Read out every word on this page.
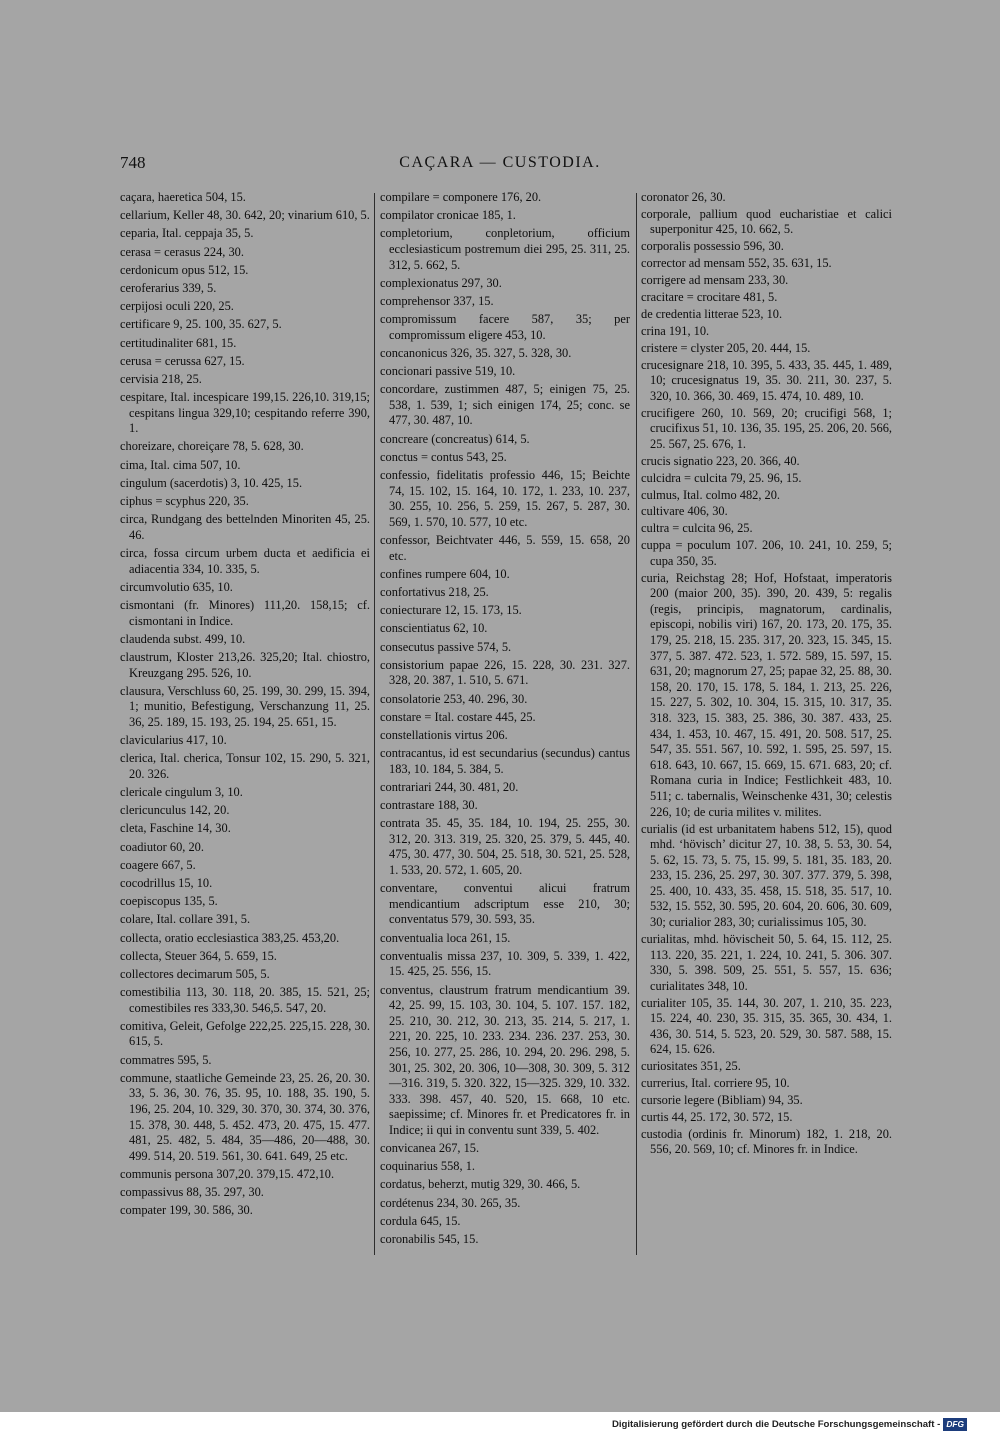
748	CAÇARA — CUSTODIA.
caçara, haeretica 504, 15.
cellarium, Keller 48, 30. 642, 20; vinarium 610, 5.
ceparia, Ital. ceppaja 35, 5.
cerasa = cerasus 224, 30.
cerdonicum opus 512, 15.
ceroferarius 339, 5.
cerpijosi oculi 220, 25.
certificare 9, 25. 100, 35. 627, 5.
certitudinaliter 681, 15.
cerusa = cerussa 627, 15.
cervisia 218, 25.
cespitare, Ital. incespicare 199,15. 226,10. 319,15; cespitans lingua 329,10; cespitando referre 390, 1.
choreizare, choreiçare 78, 5. 628, 30.
cima, Ital. cima 507, 10.
cingulum (sacerdotis) 3, 10. 425, 15.
ciphus = scyphus 220, 35.
circa, Rundgang des bettelnden Minoriten 45, 25. 46.
circa, fossa circum urbem ducta et aedificia ei adiacentia 334, 10. 335, 5.
circumvolutio 635, 10.
cismontani (fr. Minores) 111,20. 158,15; cf. cismontani in Indice.
claudenda subst. 499, 10.
claustrum, Kloster 213,26. 325,20; Ital. chiostro, Kreuzgang 295. 526, 10.
clausura, Verschluss 60, 25. 199, 30. 299, 15. 394, 1; munitio, Befestigung, Verschanzung 11, 25. 36, 25. 189, 15. 193, 25. 194, 25. 651, 15.
clavicularius 417, 10.
clerica, Ital. cherica, Tonsur 102, 15. 290, 5. 321, 20. 326.
clericale cingulum 3, 10.
clericunculus 142, 20.
cleta, Faschine 14, 30.
coadiutor 60, 20.
coagere 667, 5.
cocodrillus 15, 10.
coepiscopus 135, 5.
colare, Ital. collare 391, 5.
collecta, oratio ecclesiastica 383,25. 453,20.
collecta, Steuer 364, 5. 659, 15.
collectores decimarum 505, 5.
comestibilia 113, 30. 118, 20. 385, 15. 521, 25; comestibiles res 333,30. 546,5. 547, 20.
comitiva, Geleit, Gefolge 222,25. 225,15. 228, 30. 615, 5.
commatres 595, 5.
commune, staatliche Gemeinde 23, 25. 26, 20. 30. 33, 5. 36, 30. 76, 35. 95, 10. 188, 35. 190, 5. 196, 25. 204, 10. 329, 30. 370, 30. 374, 30. 376, 15. 378, 30. 448, 5. 452. 473, 20. 475, 15. 477. 481, 25. 482, 5. 484, 35—486, 20—488, 30. 499. 514, 20. 519. 561, 30. 641. 649, 25 etc.
communis persona 307,20. 379,15. 472,10.
compassivus 88, 35. 297, 30.
compater 199, 30. 586, 30.
compilare = componere 176, 20.
compilator cronicae 185, 1.
completorium, conpletorium, officium ecclesiasticum postremum diei 295, 25. 311, 25. 312, 5. 662, 5.
complexionatus 297, 30.
comprehensor 337, 15.
compromissum facere 587, 35; per compromissum eligere 453, 10.
concanonicus 326, 35. 327, 5. 328, 30.
concionari passive 519, 10.
concordare, zustimmen 487, 5; einigen 75, 25. 538, 1. 539, 1; sich einigen 174, 25; conc. se 477, 30. 487, 10.
concreare (concreatus) 614, 5.
conctus = contus 543, 25.
confessio, fidelitatis professio 446, 15; Beichte 74, 15. 102, 15. 164, 10. 172, 1. 233, 10. 237, 30. 255, 10. 256, 5. 259, 15. 267, 5. 287, 30. 569, 1. 570, 10. 577, 10 etc.
confessor, Beichtvater 446, 5. 559, 15. 658, 20 etc.
confines rumpere 604, 10.
confortativus 218, 25.
coniecturare 12, 15. 173, 15.
conscientiatus 62, 10.
consecutus passive 574, 5.
consistorium papae 226, 15. 228, 30. 231. 327. 328, 20. 387, 1. 510, 5. 671.
consolatorie 253, 40. 296, 30.
constare = Ital. costare 445, 25.
constellationis virtus 206.
contracantus, id est secundarius (secundus) cantus 183, 10. 184, 5. 384, 5.
contrariari 244, 30. 481, 20.
contrastare 188, 30.
contrata 35. 45, 35. 184, 10. 194, 25. 255, 30. 312, 20. 313. 319, 25. 320, 25. 379, 5. 445, 40. 475, 30. 477, 30. 504, 25. 518, 30. 521, 25. 528, 1. 533, 20. 572, 1. 605, 20.
conventare, conventui alicui fratrum mendicantium adscriptum esse 210, 30; conventatus 579, 30. 593, 35.
conventualia loca 261, 15.
conventualis missa 237, 10. 309, 5. 339, 1. 422, 15. 425, 25. 556, 15.
conventus, claustrum fratrum mendicantium 39. 42, 25. 99, 15. 103, 30. 104, 5. 107. 157. 182, 25. 210, 30. 212, 30. 213, 35. 214, 5. 217, 1. 221, 20. 225, 10. 233. 234. 236. 237. 253, 30. 256, 10. 277, 25. 286, 10. 294, 20. 296. 298, 5. 301, 25. 302, 20. 306, 10—308, 30. 309, 5. 312—316. 319, 5. 320. 322, 15—325. 329, 10. 332. 333. 398. 457, 40. 520, 15. 668, 10 etc. saepissime; cf. Minores fr. et Predicatores fr. in Indice; ii qui in conventu sunt 339, 5. 402.
convicanea 267, 15.
coquinarius 558, 1.
cordatus, beherzt, mutig 329, 30. 466, 5.
cordétenus 234, 30. 265, 35.
cordula 645, 15.
coronabilis 545, 15.
coronator 26, 30.
corporale, pallium quod eucharistiae et calici superponitur 425, 10. 662, 5.
corporalis possessio 596, 30.
corrector ad mensam 552, 35. 631, 15.
corrigere ad mensam 233, 30.
cracitare = crocitare 481, 5.
de credentia litterae 523, 10.
crina 191, 10.
cristere = clyster 205, 20. 444, 15.
crucesignare 218, 10. 395, 5. 433, 35. 445, 1. 489, 10; crucesignatus 19, 35. 30. 211, 30. 237, 5. 320, 10. 366, 30. 469, 15. 474, 10. 489, 10.
crucifigere 260, 10. 569, 20; crucifigi 568, 1; crucifixus 51, 10. 136, 35. 195, 25. 206, 20. 566, 25. 567, 25. 676, 1.
crucis signatio 223, 20. 366, 40.
culcidra = culcita 79, 25. 96, 15.
culmus, Ital. colmo 482, 20.
cultivare 406, 30.
cultra = culcita 96, 25.
cuppa = poculum 107. 206, 10. 241, 10. 259, 5; cupa 350, 35.
curia, Reichstag 28; Hof, Hofstaat, imperatoris 200 (maior 200, 35). 390, 20. 439, 5: regalis (regis, principis, magnatorum, cardinalis, episcopi, nobilis viri) 167, 20. 173, 20. 175, 35. 179, 25. 218, 15. 235. 317, 20. 323, 15. 345, 15. 377, 5. 387. 472. 523, 1. 572. 589, 15. 597, 15. 631, 20; magnorum 27, 25; papae 32, 25. 88, 30. 158, 20. 170, 15. 178, 5. 184, 1. 213, 25. 226, 15. 227, 5. 302, 10. 304, 15. 315, 10. 317, 35. 318. 323, 15. 383, 25. 386, 30. 387. 433, 25. 434, 1. 453, 10. 467, 15. 491, 20. 508. 517, 25. 547, 35. 551. 567, 10. 592, 1. 595, 25. 597, 15. 618. 643, 10. 667, 15. 669, 15. 671. 683, 20; cf. Romana curia in Indice; Festlichkeit 483, 10. 511; c. tabernalis, Weinschenke 431, 30; celestis 226, 10; de curia milites v. milites.
curialis (id est urbanitatem habens 512, 15), quod mhd. ‘hövisch’ dicitur 27, 10. 38, 5. 53, 30. 54, 5. 62, 15. 73, 5. 75, 15. 99, 5. 181, 35. 183, 20. 233, 15. 236, 25. 297, 30. 307. 377. 379, 5. 398, 25. 400, 10. 433, 35. 458, 15. 518, 35. 517, 10. 532, 15. 552, 30. 595, 20. 604, 20. 606, 30. 609, 30; curialior 283, 30; curialissimus 105, 30.
curialitas, mhd. hövischeit 50, 5. 64, 15. 112, 25. 113. 220, 35. 221, 1. 224, 10. 241, 5. 306. 307. 330, 5. 398. 509, 25. 551, 5. 557, 15. 636; curialitates 348, 10.
curialiter 105, 35. 144, 30. 207, 1. 210, 35. 223, 15. 224, 40. 230, 35. 315, 35. 365, 30. 434, 1. 436, 30. 514, 5. 523, 20. 529, 30. 587. 588, 15. 624, 15. 626.
curiositates 351, 25.
currerius, Ital. corriere 95, 10.
cursorie legere (Bibliam) 94, 35.
curtis 44, 25. 172, 30. 572, 15.
custodia (ordinis fr. Minorum) 182, 1. 218, 20. 556, 20. 569, 10; cf. Minores fr. in Indice.
Digitalisierung gefördert durch die Deutsche Forschungsgemeinschaft - DFG
